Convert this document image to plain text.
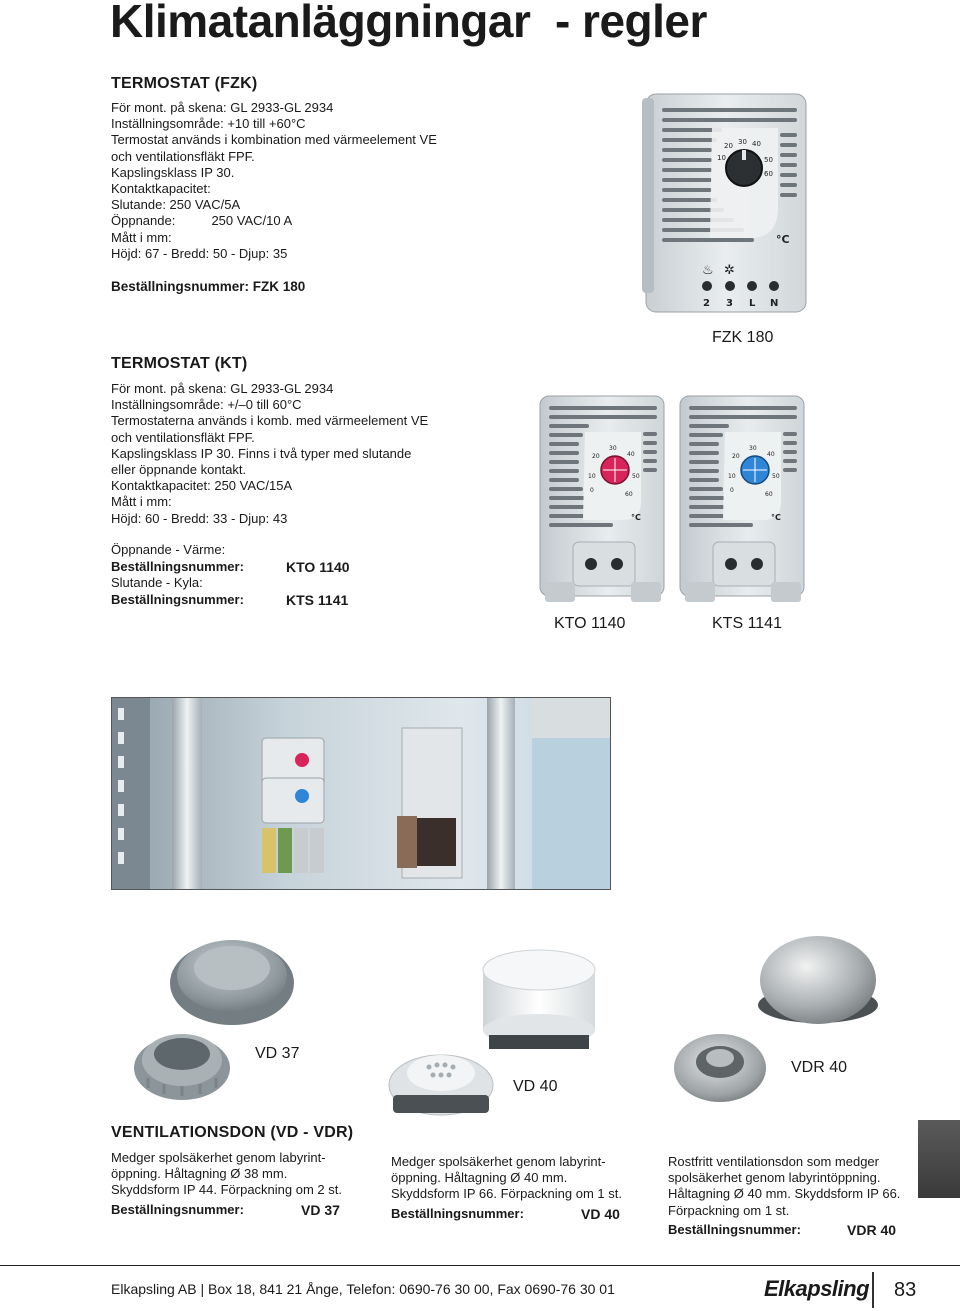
Klimatanläggningar  - regler
TERMOSTAT (FZK)
För mont. på skena: GL 2933-GL 2934
Inställningsområde: +10 till +60°C
Termostat används i kombination med värmeelement VE
och ventilationsfläkt FPF.
Kapslingsklass IP 30.
Kontaktkapacitet:
Slutande: 250 VAC/5A
Öppnande:          250 VAC/10 A
Mått i mm:
Höjd: 67 - Bredd: 50 - Djup: 35
Beställningsnummer: FZK 180
10
20 30 40
50
60
°C
♨ ✲
2 3 L N
FZK 180
TERMOSTAT (KT)
För mont. på skena: GL 2933-GL 2934
Inställningsområde: +/–0 till 60°C
Termostaterna används i komb. med värmeelement VE
och ventilationsfläkt FPF.
Kapslingsklass IP 30. Finns i två typer med slutande
eller öppnande kontakt.
Kontaktkapacitet: 250 VAC/15A
Mått i mm:
Höjd: 60 - Bredd: 33 - Djup: 43
Öppnande - Värme:
Beställningsnummer:	KTO 1140
Slutande - Kyla:
Beställningsnummer:	KTS 1141
0
10
20
30
40
50
60
°C
0
10
20
30
40
50
60
°C
KTO 1140	KTS 1141
VD 37
VD 40
VDR 40
VENTILATIONSDON (VD - VDR)
Medger spolsäkerhet genom labyrint-
öppning. Håltagning Ø 38 mm.
Skyddsform IP 44. Förpackning om 2 st.
Beställningsnummer:	VD 37
Medger spolsäkerhet genom labyrint-
öppning. Håltagning Ø 40 mm.
Skyddsform IP 66. Förpackning om 1 st.
Beställningsnummer:	VD 40
Rostfritt ventilationsdon som medger
spolsäkerhet genom labyrintöppning.
Håltagning Ø 40 mm. Skyddsform IP 66.
Förpackning om 1 st.
Beställningsnummer:	VDR 40
Elkapsling AB | Box 18, 841 21 Ånge, Telefon: 0690-76 30 00, Fax 0690-76 30 01	Elkapsling 83
